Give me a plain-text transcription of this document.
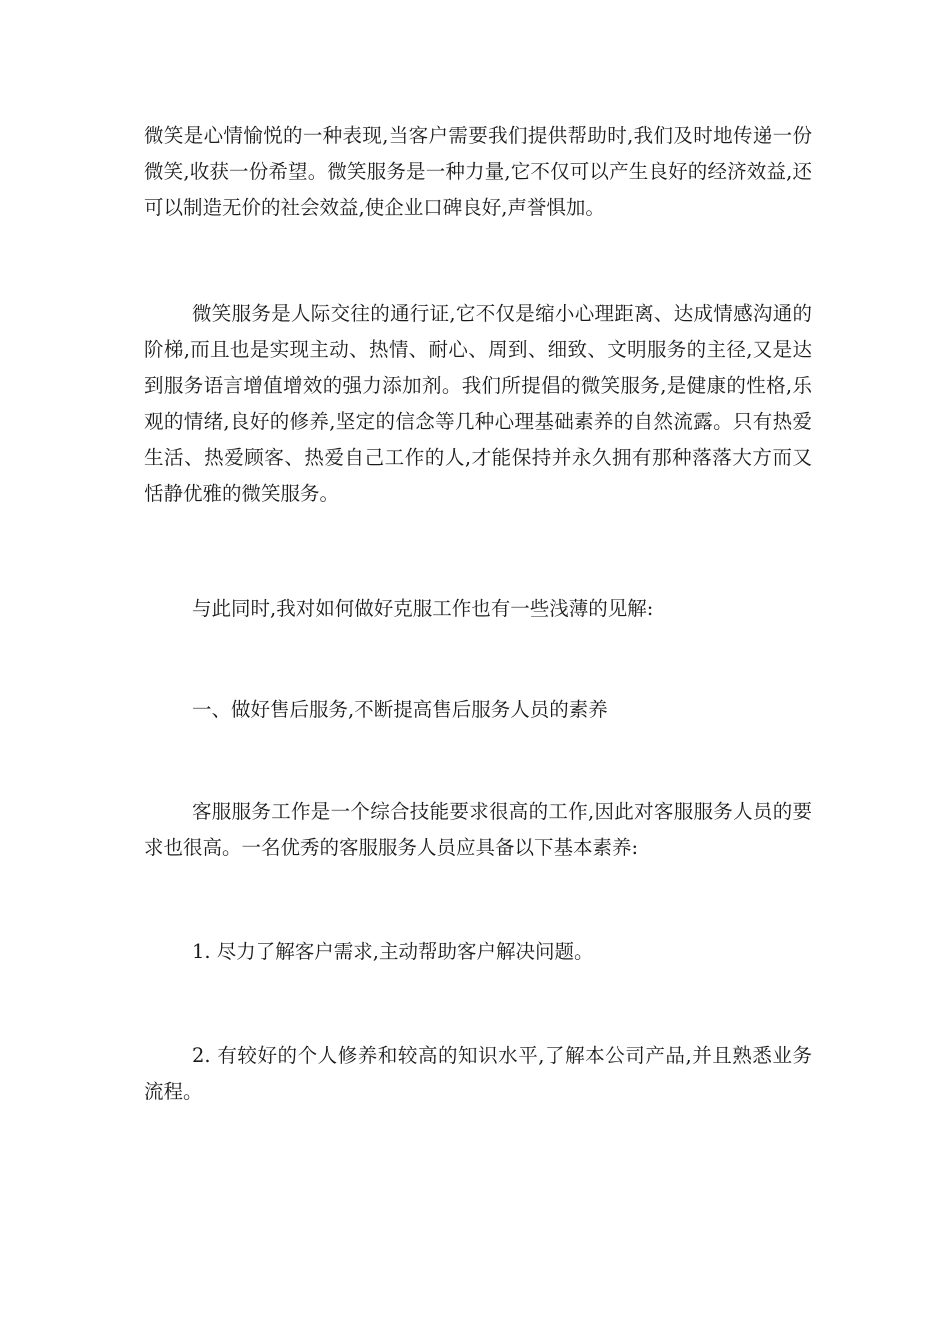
微笑是心情愉悦的一种表现,当客户需要我们提供帮助时,我们及时地传递一份微笑,收获一份希望。微笑服务是一种力量,它不仅可以产生良好的经济效益,还可以制造无价的社会效益,使企业口碑良好,声誉惧加。

微笑服务是人际交往的通行证,它不仅是缩小心理距离、达成情感沟通的阶梯,而且也是实现主动、热情、耐心、周到、细致、文明服务的主径,又是达到服务语言增值增效的强力添加剂。我们所提倡的微笑服务,是健康的性格,乐观的情绪,良好的修养,坚定的信念等几种心理基础素养的自然流露。只有热爱生活、热爱顾客、热爱自己工作的人,才能保持并永久拥有那种落落大方而又恬静优雅的微笑服务。

与此同时,我对如何做好克服工作也有一些浅薄的见解:

一、做好售后服务,不断提高售后服务人员的素养

客服服务工作是一个综合技能要求很高的工作,因此对客服服务人员的要求也很高。一名优秀的客服服务人员应具备以下基本素养:

1. 尽力了解客户需求,主动帮助客户解决问题。

2. 有较好的个人修养和较高的知识水平,了解本公司产品,并且熟悉业务流程。
